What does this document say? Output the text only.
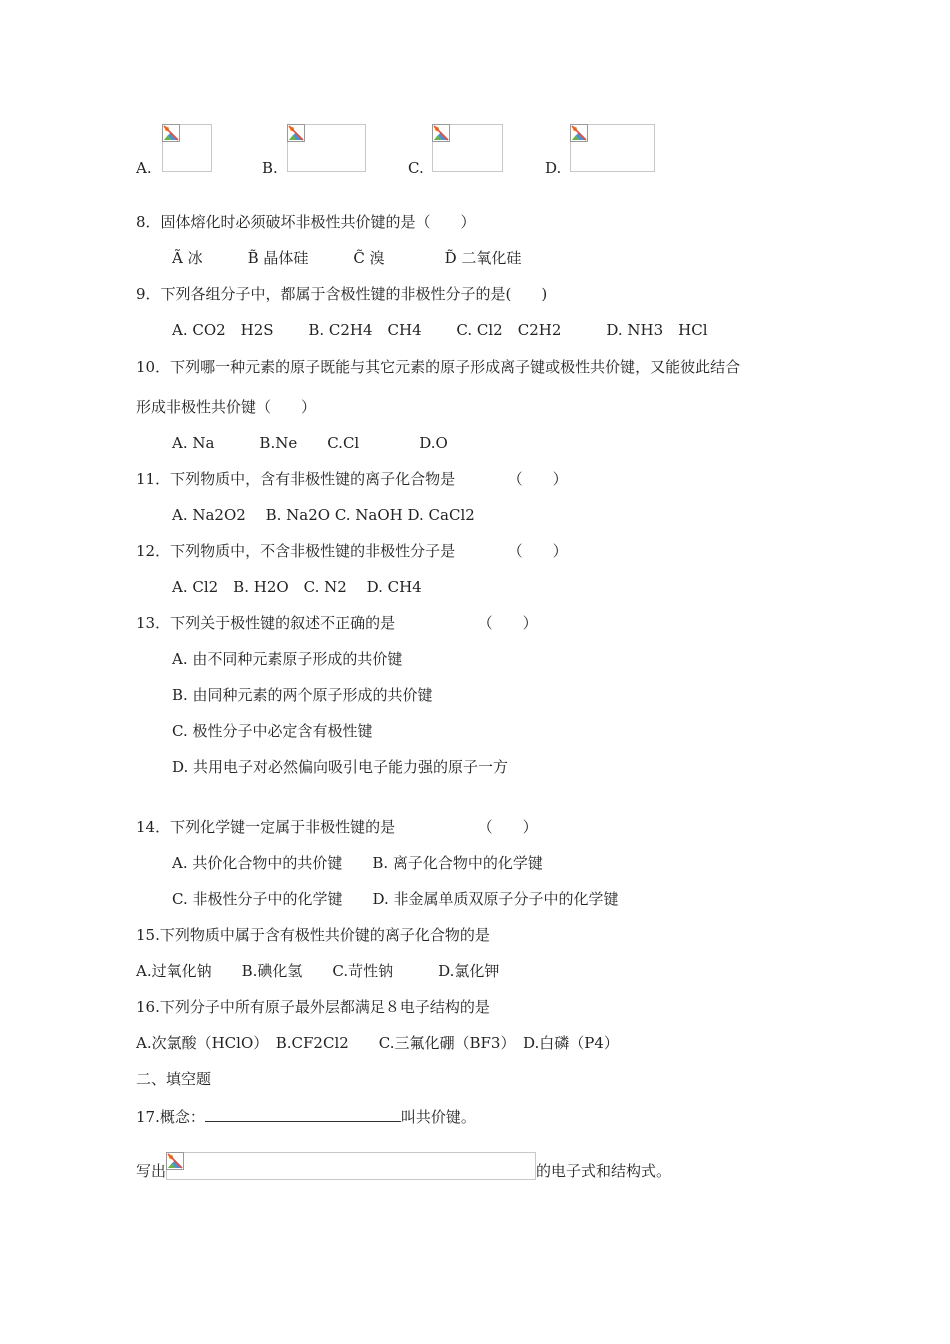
A.	B.	C.	D.
8．固体熔化时必须破坏非极性共价键的是（　　）
Ã 冰　　　B̃ 晶体硅　　　C̃ 溴　　　　D̃ 二氧化硅
9．下列各组分子中，都属于含极性键的非极性分子的是(　　)
A. CO2　H2S　　 B. C2H4　CH4　　 C. Cl2　C2H2　　　D. NH3　HCl
10．下列哪一种元素的原子既能与其它元素的原子形成离子键或极性共价键，又能彼此结合
形成非极性共价键（　　）
A. Na　　　B.Ne　　C.Cl　　　　D.O
11．下列物质中，含有非极性键的离子化合物是　　　　（　　）
A. Na2O2　 B. Na2O C. NaOH D. CaCl2
12．下列物质中，不含非极性键的非极性分子是　　　　（　　）
A. Cl2　B. H2O　C. N2　 D. CH4
13．下列关于极性键的叙述不正确的是　　　　　　（　　）
A. 由不同种元素原子形成的共价键
B. 由同种元素的两个原子形成的共价键
C. 极性分子中必定含有极性键
D. 共用电子对必然偏向吸引电子能力强的原子一方
14．下列化学键一定属于非极性键的是　　　　　　（　　）
A. 共价化合物中的共价键　　B. 离子化合物中的化学键
C. 非极性分子中的化学键　　D. 非金属单质双原子分子中的化学键
15.下列物质中属于含有极性共价键的离子化合物的是
A.过氧化钠　　B.碘化氢　　C.苛性钠　　　D.氯化钾
16.下列分子中所有原子最外层都满足８电子结构的是
A.次氯酸（HClO）　B.CF2Cl2　　C.三氟化硼（BF3）　D.白磷（P4）
二、填空题
17.概念：	叫共价键。
写出	的电子式和结构式。
